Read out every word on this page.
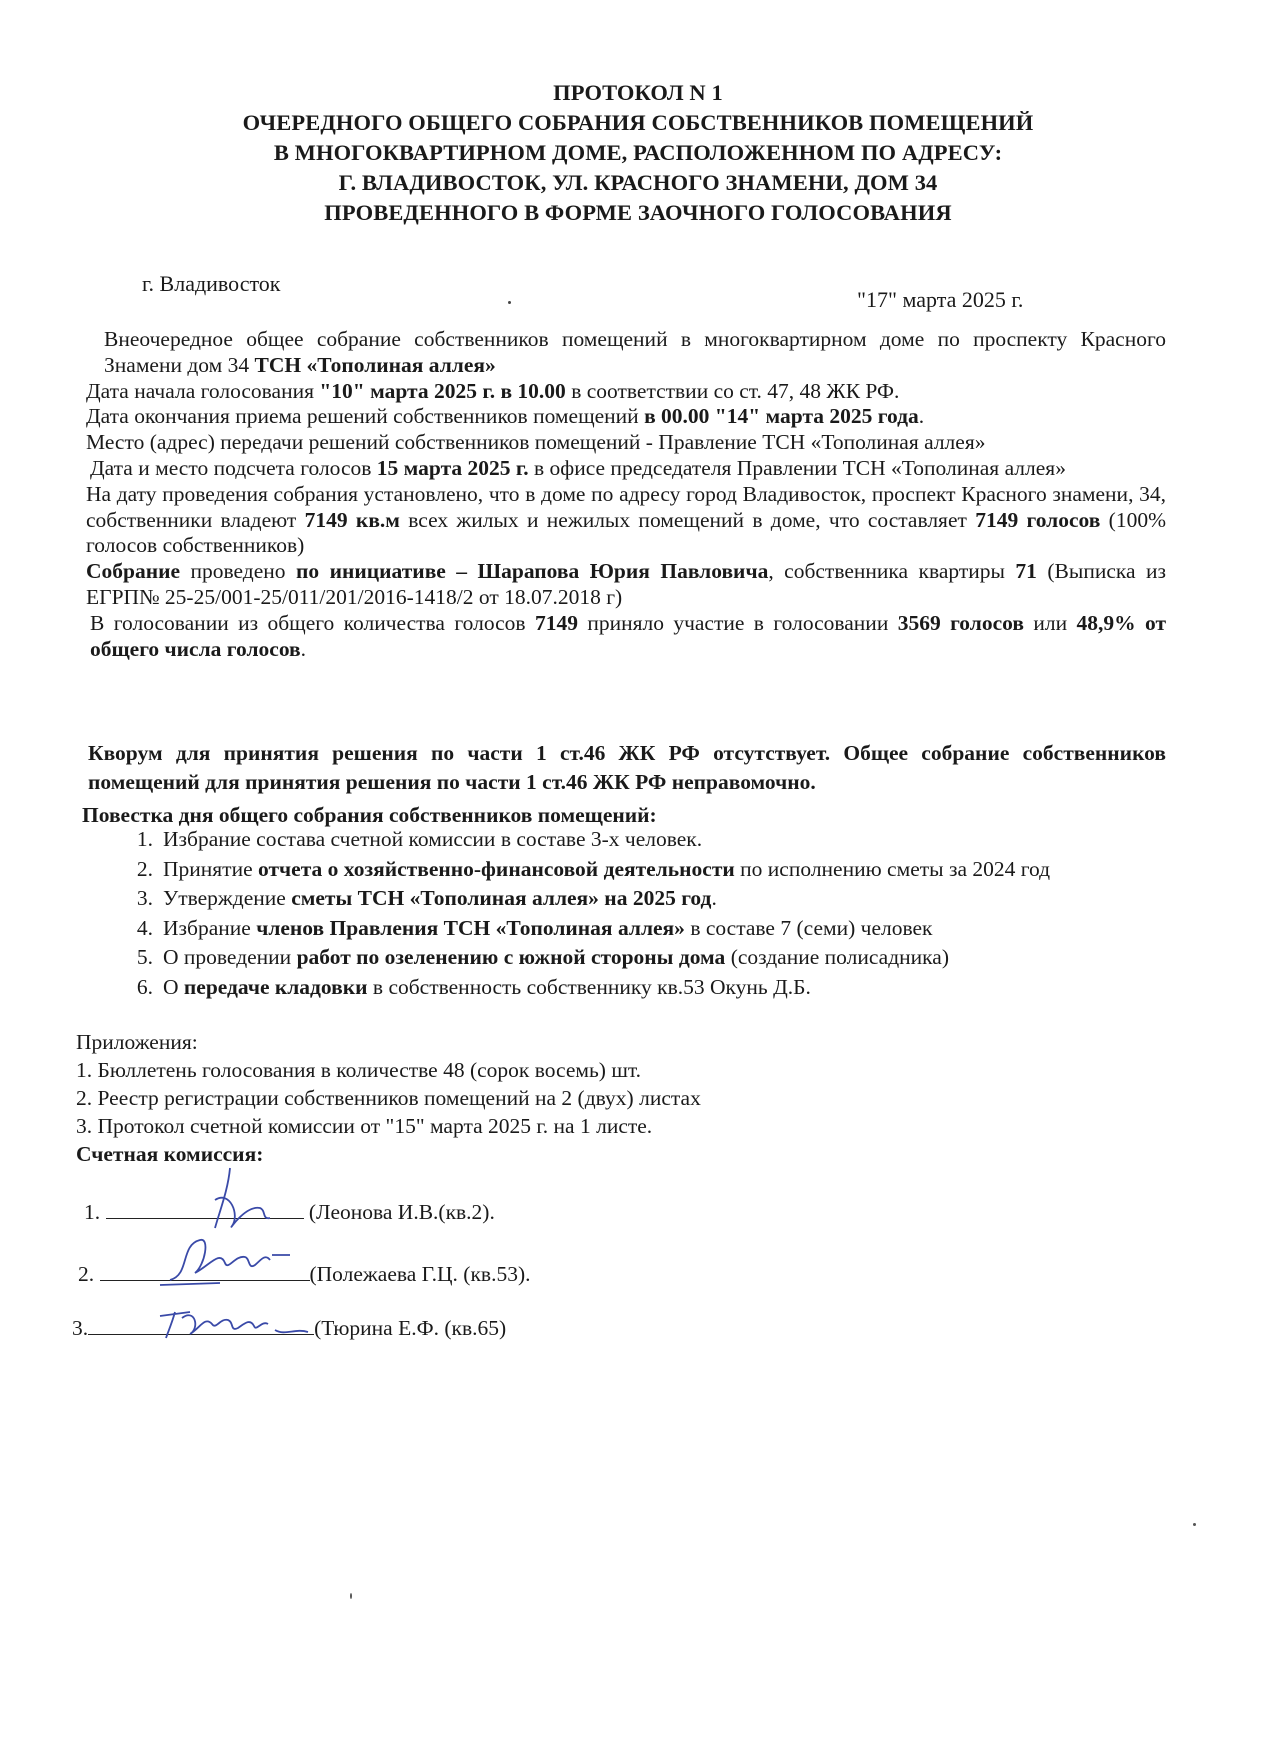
ПРОТОКОЛ N 1
ОЧЕРЕДНОГО ОБЩЕГО СОБРАНИЯ СОБСТВЕННИКОВ ПОМЕЩЕНИЙ
В МНОГОКВАРТИРНОМ ДОМЕ, РАСПОЛОЖЕННОМ ПО АДРЕСУ:
Г. ВЛАДИВОСТОК, УЛ. КРАСНОГО ЗНАМЕНИ, ДОМ 34
ПРОВЕДЕННОГО В ФОРМЕ ЗАОЧНОГО ГОЛОСОВАНИЯ
г. Владивосток
"17" марта 2025 г.

Внеочередное общее собрание собственников помещений в многоквартирном доме по проспекту Красного Знамени дом 34 ТСН «Тополиная аллея»

Дата начала голосования "10" марта 2025 г. в 10.00 в соответствии со ст. 47, 48 ЖК РФ.

Дата окончания приема решений собственников помещений в 00.00 "14" марта 2025 года.

Место (адрес) передачи решений собственников помещений - Правление ТСН «Тополиная аллея»

Дата и место подсчета голосов 15 марта 2025 г. в офисе председателя Правлении ТСН «Тополиная аллея»

На дату проведения собрания установлено, что в доме по адресу город Владивосток, проспект Красного знамени, 34, собственники владеют 7149 кв.м всех жилых и нежилых помещений в доме, что составляет 7149 голосов (100% голосов собственников)

Собрание проведено по инициативе – Шарапова Юрия Павловича, собственника квартиры 71 (Выписка из ЕГРП№ 25-25/001-25/011/201/2016-1418/2 от 18.07.2018 г)

В голосовании из общего количества голосов 7149 приняло участие в голосовании 3569 голосов или 48,9% от общего числа голосов.

Кворум для принятия решения по части 1 ст.46 ЖК РФ отсутствует. Общее собрание собственников помещений для принятия решения по части 1 ст.46 ЖК РФ неправомочно.

Повестка дня общего собрания собственников помещений:
1. Избрание состава счетной комиссии в составе 3-х человек.
2. Принятие отчета о хозяйственно-финансовой деятельности по исполнению сметы за 2024 год
3. Утверждение сметы ТСН «Тополиная аллея» на 2025 год.
4. Избрание членов Правления ТСН «Тополиная аллея» в составе 7 (семи) человек
5. О проведении работ по озеленению с южной стороны дома (создание полисадника)
6. О передаче кладовки в собственность собственнику кв.53 Окунь Д.Б.
Приложения:
1. Бюллетень голосования в количестве 48 (сорок восемь) шт.
2. Реестр регистрации собственников помещений на 2 (двух) листах
3. Протокол счетной комиссии от "15" марта 2025 г. на 1 листе.
Счетная комиссия:
1.	(Леонова И.В.(кв.2).
2.	(Полежаева Г.Ц. (кв.53).
3.	(Тюрина Е.Ф. (кв.65)
